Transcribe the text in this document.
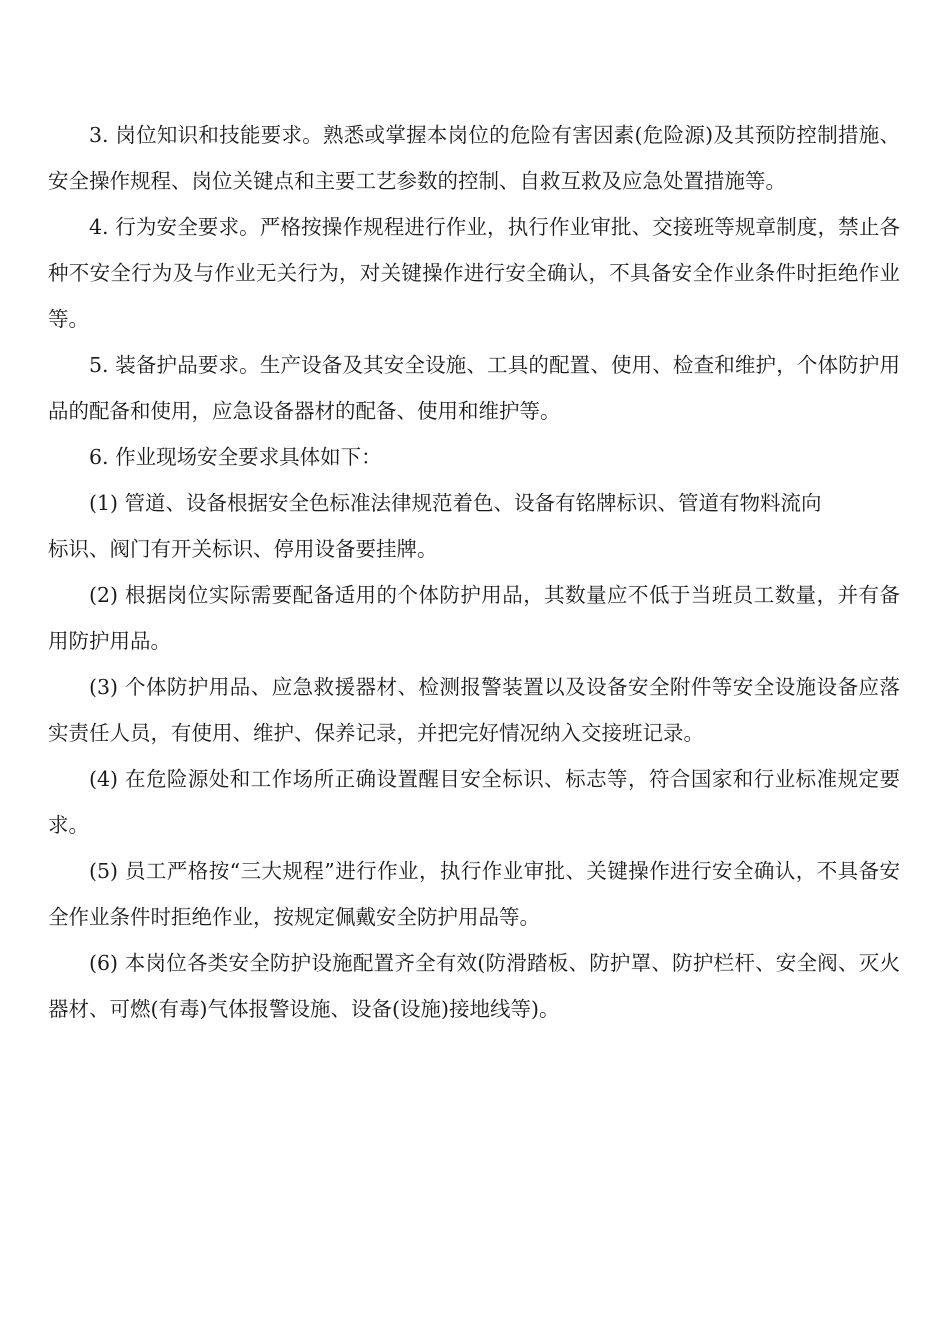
3. 岗位知识和技能要求。熟悉或掌握本岗位的危险有害因素(危险源)及其预防控制措施、安全操作规程、岗位关键点和主要工艺参数的控制、自救互救及应急处置措施等。

4. 行为安全要求。严格按操作规程进行作业，执行作业审批、交接班等规章制度，禁止各种不安全行为及与作业无关行为，对关键操作进行安全确认，不具备安全作业条件时拒绝作业等。

5. 装备护品要求。生产设备及其安全设施、工具的配置、使用、检查和维护，个体防护用品的配备和使用，应急设备器材的配备、使用和维护等。

6. 作业现场安全要求具体如下：

(1) 管道、设备根据安全色标准法律规范着色、设备有铭牌标识、管道有物料流向

标识、阀门有开关标识、停用设备要挂牌。

(2) 根据岗位实际需要配备适用的个体防护用品，其数量应不低于当班员工数量，并有备用防护用品。

(3) 个体防护用品、应急救援器材、检测报警装置以及设备安全附件等安全设施设备应落实责任人员，有使用、维护、保养记录，并把完好情况纳入交接班记录。

(4) 在危险源处和工作场所正确设置醒目安全标识、标志等，符合国家和行业标准规定要求。

(5) 员工严格按“三大规程”进行作业，执行作业审批、关键操作进行安全确认，不具备安全作业条件时拒绝作业，按规定佩戴安全防护用品等。

(6) 本岗位各类安全防护设施配置齐全有效(防滑踏板、防护罩、防护栏杆、安全阀、灭火器材、可燃(有毒)气体报警设施、设备(设施)接地线等)。
